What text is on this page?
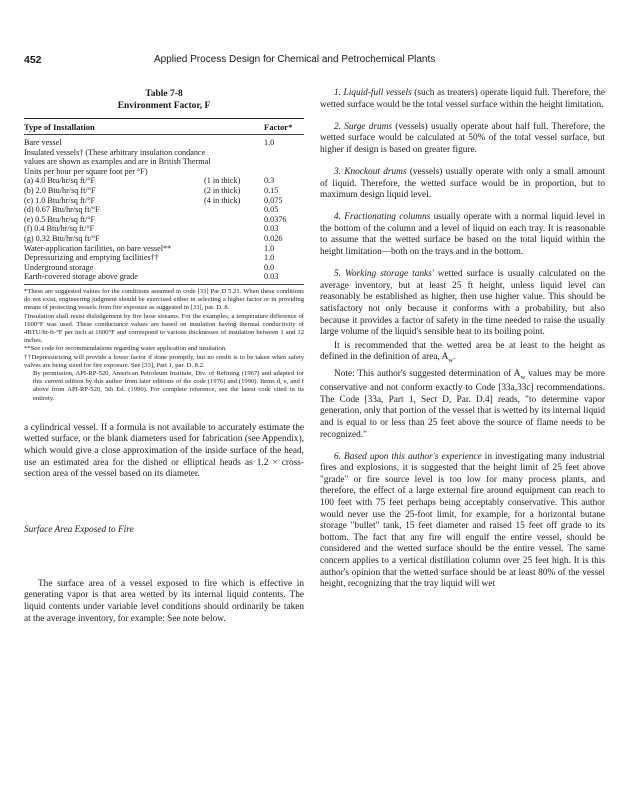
452	Applied Process Design for Chemical and Petrochemical Plants
Table 7-8
Environment Factor, F
Type of Installation	Factor*
Bare vessel		1.0
Insulated vessels† (These arbitrary insulation condance values are shown as examples and are in British Thermal Units per hour per square foot per °F)		
(a) 4.0 Btu/hr/sq ft/°F	(1 in thick)	0.3
(b) 2.0 Btu/hr/sq ft/°F	(2 in thick)	0.15
(c) 1.0 Btu/hr/sq ft/°F	(4 in thick)	0.075
(d) 0.67 Btu/hr/sq ft/°F		0.05
(e) 0.5 Btu/hr/sq ft/°F		0.0376
(f) 0.4 Btu/hr/sq ft/°F		0.03
(g) 0.32 Btu/hr/sq ft/°F		0.026
Water-application facilities, on bare vessel**		1.0
Depressurizing and emptying facilities††		1.0
Underground storage		0.0
Earth-covered storage above grade		0.03

*These are suggested values for the conditions assumed in code [33] Par D 5.21. When these conditions do not exist, engineering judgment should be exercised either in selecting a higher factor or in providing means of protecting vessels from fire exposure as suggested in [33], par. D. 8.

†Insulation shall resist dislodgement by fire hose streams. For the examples, a temperature difference of 1600°F was used. These conductance values are based on insulation having thermal conductivity of 4BTU/hr-ft-°F per inch at 1600°F and correspond to various thicknesses of insulation between 1 and 12 inches.

**See code for recommendations regarding water application and insulation.

††Depressurizing will provide a lower factor if done promptly, but no credit is to be taken when safety valves are being sized for fire exposure. See [33], Part 1, par. D. 8.2.

By permission, API-RP-520, American Petroleum Institute, Div. of Refining (1967) and adapted for this current edition by this author from later editions of the code (1976) and (1990). Items d, e, and f above from API-RP-520, 5th Ed. (1990). For complete reference, see the latest code cited in its entirety.

a cylindrical vessel. If a formula is not available to accurately estimate the wetted surface, or the blank diameters used for fabrication (see Appendix), which would give a close approximation of the inside surface of the head, use an estimated area for the dished or elliptical heads as 1.2 × cross-section area of the vessel based on its diameter.

Surface Area Exposed to Fire

The surface area of a vessel exposed to fire which is effective in generating vapor is that area wetted by its internal liquid contents. The liquid contents under variable level conditions should ordinarily be taken at the average inventory, for example: See note below.

1. Liquid-full vessels (such as treaters) operate liquid full. Therefore, the wetted surface would be the total vessel surface within the height limitation.

2. Surge drums (vessels) usually operate about half full. Therefore, the wetted surface would be calculated at 50% of the total vessel surface, but higher if design is based on greater figure.

3. Knockout drums (vessels) usually operate with only a small amount of liquid. Therefore, the wetted surface would be in proportion, but to maximum design liquid level.

4. Fractionating columns usually operate with a normal liquid level in the bottom of the column and a level of liquid on each tray. It is reasonable to assume that the wetted surface be based on the total liquid within the height limitation—both on the trays and in the bottom.

5. Working storage tanks' wetted surface is usually calculated on the average inventory, but at least 25 ft height, unless liquid level can reasonably be established as higher, then use higher value. This should be satisfactory not only because it conforms with a probability, but also because it provides a factor of safety in the time needed to raise the usually large volume of the liquid's sensible heat to its boiling point.

It is recommended that the wetted area be at least to the height as defined in the definition of area, $A_w$.

Note: This author's suggested determination of $A_w$ values may be more conservative and not conform exactly to Code [33a,33c] recommendations. The Code [33a, Part 1, Sect D, Par. D.4] reads, "to determine vapor generation, only that portion of the vessel that is wetted by its internal liquid and is equal to or less than 25 feet above the source of flame needs to be recognized."

6. Based upon this author's experience in investigating many industrial fires and explosions, it is suggested that the height limit of 25 feet above "grade" or fire source level is too low for many process plants, and therefore, the effect of a large external fire around equipment can reach to 100 feet with 75 feet perhaps being acceptably conservative. This author would never use the 25-foot limit, for example, for a horizontal butane storage "bullet" tank, 15 feet diameter and raised 15 feet off grade to its bottom. The fact that any fire will engulf the entire vessel, should be considered and the wetted surface should be the entire vessel. The same concern applies to a vertical distillation column over 25 feet high. It is this author's opinion that the wetted surface should be at least 80% of the vessel height, recognizing that the tray liquid will wet
